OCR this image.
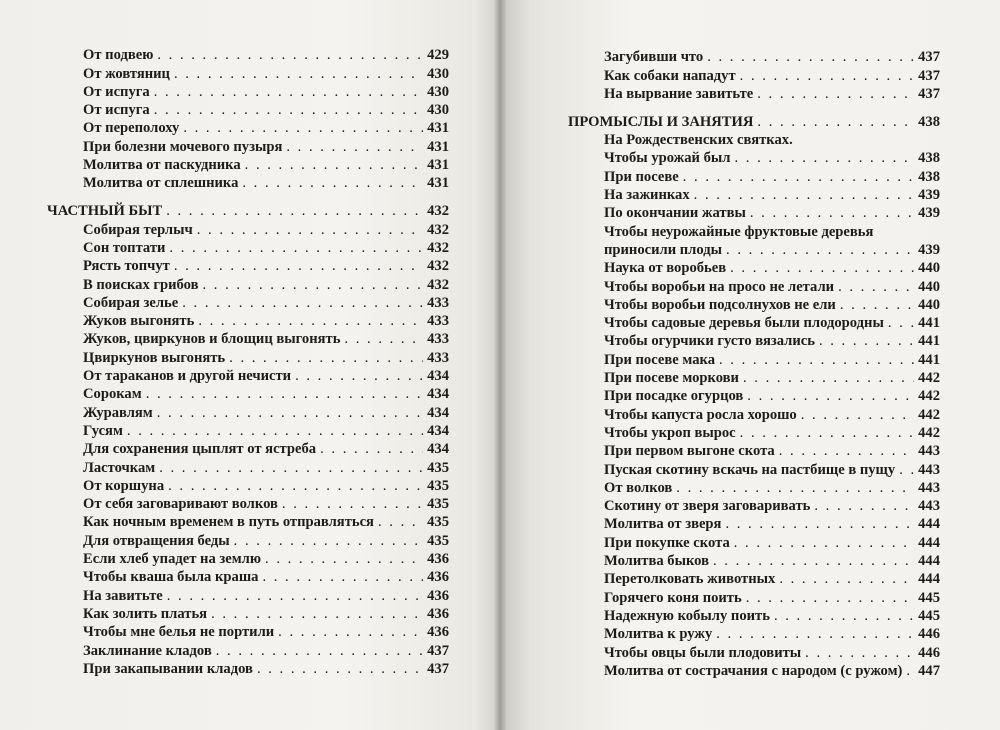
От подвею . . .	429
От жовтяниц . . .	430
От испуга . . .	430
От испуга . . .	430
От переполоху . . .	431
При болезни мочевого пузыря . . .	431
Молитва от паскудника . . .	431
Молитва от сплешника . . .	431
ЧАСТНЫЙ БЫТ . . .	432
Собирая терлыч . . .	432
Сон топтати . . .	432
Рясть топчут . . .	432
В поисках грибов . . .	432
Собирая зелье . . .	433
Жуков выгонять . . .	433
Жуков, цвиркунов и блощиц выгонять . . .	433
Цвиркунов выгонять . . .	433
От тараканов и другой нечисти . . .	434
Сорокам . . .	434
Журавлям . . .	434
Гусям . . .	434
Для сохранения цыплят от ястреба . . .	434
Ласточкам . . .	435
От коршуна . . .	435
От себя заговаривают волков . . .	435
Как ночным временем в путь отправляться . . .	435
Для отвращения беды . . .	435
Если хлеб упадет на землю . . .	436
Чтобы кваша была краша . . .	436
На завитьте . . .	436
Как золить платья . . .	436
Чтобы мне белья не портили . . .	436
Заклинание кладов . . .	437
При закапывании кладов . . .	437
Загубивши что . . .	437
Как собаки нападут . . .	437
На вырвание завитьте . . .	437
ПРОМЫСЛЫ И ЗАНЯТИЯ . . .	438
На Рождественских святках.
Чтобы урожай был . . .	438
При посеве . . .	438
На зажинках . . .	439
По окончании жатвы . . .	439
Чтобы неурожайные фруктовые деревья
приносили плоды . . .	439
Наука от воробьев . . .	440
Чтобы воробьи на просо не летали . . .	440
Чтобы воробьи подсолнухов не ели . . .	440
Чтобы садовые деревья были плодородны . . . 441
Чтобы огурчики густо вязались . . .	441
При посеве мака . . .	441
При посеве моркови . . .	442
При посадке огурцов . . .	442
Чтобы капуста росла хорошо . . .	442
Чтобы укроп вырос . . .	442
При первом выгоне скота . . .	443
Пуская скотину вскачь на пастбище в пущу . . . 443
От волков . . .	443
Скотину от зверя заговаривать . . .	443
Молитва от зверя . . .	444
При покупке скота . . .	444
Молитва быков . . .	444
Перетолковать животных . . .	444
Горячего коня поить . . .	445
Надежную кобылу поить . . .	445
Молитва к ружу . . .	446
Чтобы овцы были плодовиты . . .	446
Молитва от сострачания с народом (с ружом) . . . 447
